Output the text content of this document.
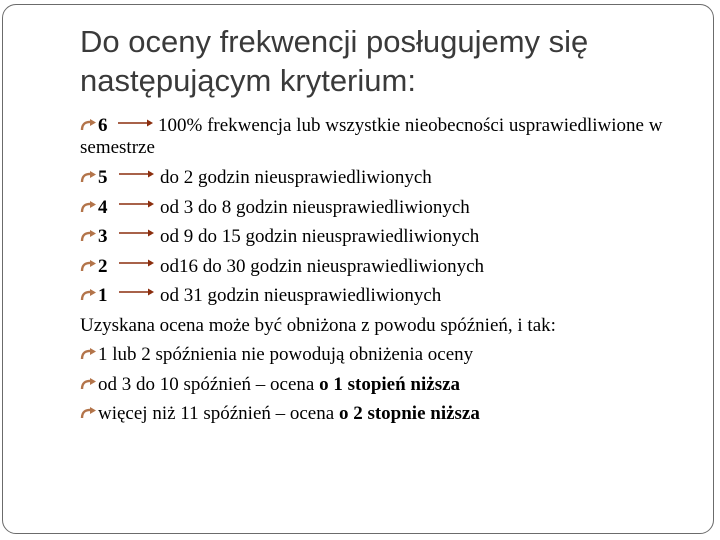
Do oceny frekwencji posługujemy się następującym kryterium:
6	100% frekwencja lub wszystkie nieobecności usprawiedliwione w semestrze
5	do 2 godzin nieusprawiedliwionych
4	od 3 do 8 godzin nieusprawiedliwionych
3	od 9 do 15 godzin nieusprawiedliwionych
2	od16 do 30 godzin nieusprawiedliwionych
1	od 31 godzin nieusprawiedliwionych
Uzyskana ocena może być obniżona z powodu spóźnień, i tak:
1 lub 2 spóźnienia nie powodują obniżenia oceny
od 3 do 10 spóźnień – ocena o 1 stopień niższa
więcej niż 11 spóźnień – ocena o 2 stopnie niższa
